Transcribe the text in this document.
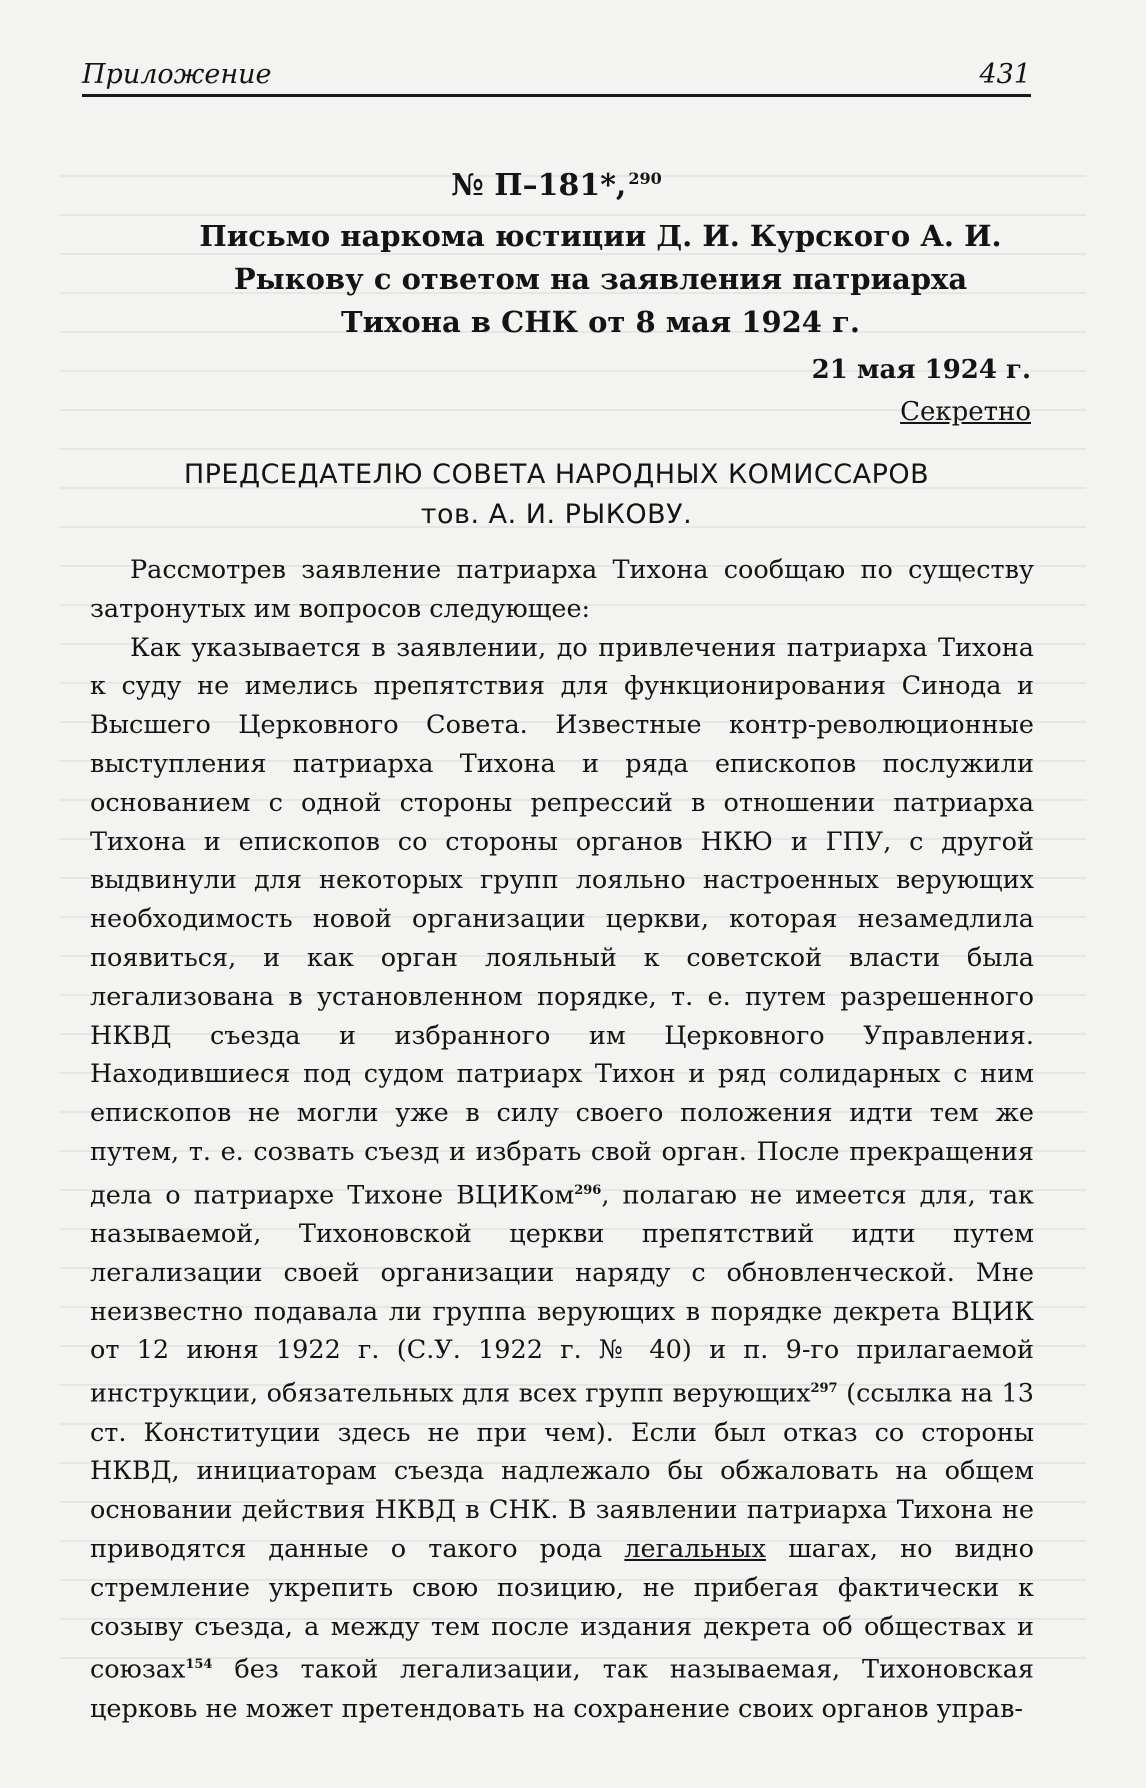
Приложение	431
№ П–181*, $^{290}$
Письмо наркома юстиции Д. И. Курского А. И. Рыкову с ответом на заявления патриарха Тихона в СНК от 8 мая 1924 г.
21 мая 1924 г.
Секретно
ПРЕДСЕДАТЕЛЮ СОВЕТА НАРОДНЫХ КОМИССАРОВ
тов. А. И. РЫКОВУ.

Рассмотрев заявление патриарха Тихона сообщаю по существу затронутых им вопросов следующее:

Как указывается в заявлении, до привлечения патриарха Тихона к суду не имелись препятствия для функционирования Синода и Высшего Церковного Совета. Известные контр-революционные выступления патриарха Тихона и ряда епископов послужили основанием с одной стороны репрессий в отношении патриарха Тихона и епископов со стороны органов НКЮ и ГПУ, с другой выдвинули для некоторых групп лояльно настроенных верующих необходимость новой организации церкви, которая незамедлила появиться, и как орган лояльный к советской власти была легализована в установленном порядке, т. е. путем разрешенного НКВД съезда и избранного им Церковного Управления. Находившиеся под судом патриарх Тихон и ряд солидарных с ним епископов не могли уже в силу своего положения идти тем же путем, т. е. созвать съезд и избрать свой орган. После прекращения дела о патриархе Тихоне ВЦИКом$^{296}$, полагаю не имеется для, так называемой, Тихоновской церкви препятствий идти путем легализации своей организации наряду с обновленческой. Мне неизвестно подавала ли группа верующих в порядке декрета ВЦИК от 12 июня 1922 г. (С.У. 1922 г. № 40) и п. 9-го прилагаемой инструкции, обязательных для всех групп верующих$^{297}$ (ссылка на 13 ст. Конституции здесь не при чем). Если был отказ со стороны НКВД, инициаторам съезда надлежало бы обжаловать на общем основании действия НКВД в СНК. В заявлении патриарха Тихона не приводятся данные о такого рода легальных шагах, но видно стремление укрепить свою позицию, не прибегая фактически к созыву съезда, а между тем после издания декрета об обществах и союзах$^{154}$ без такой легализации, так называемая, Тихоновская церковь не может претендовать на сохранение своих органов управ-
